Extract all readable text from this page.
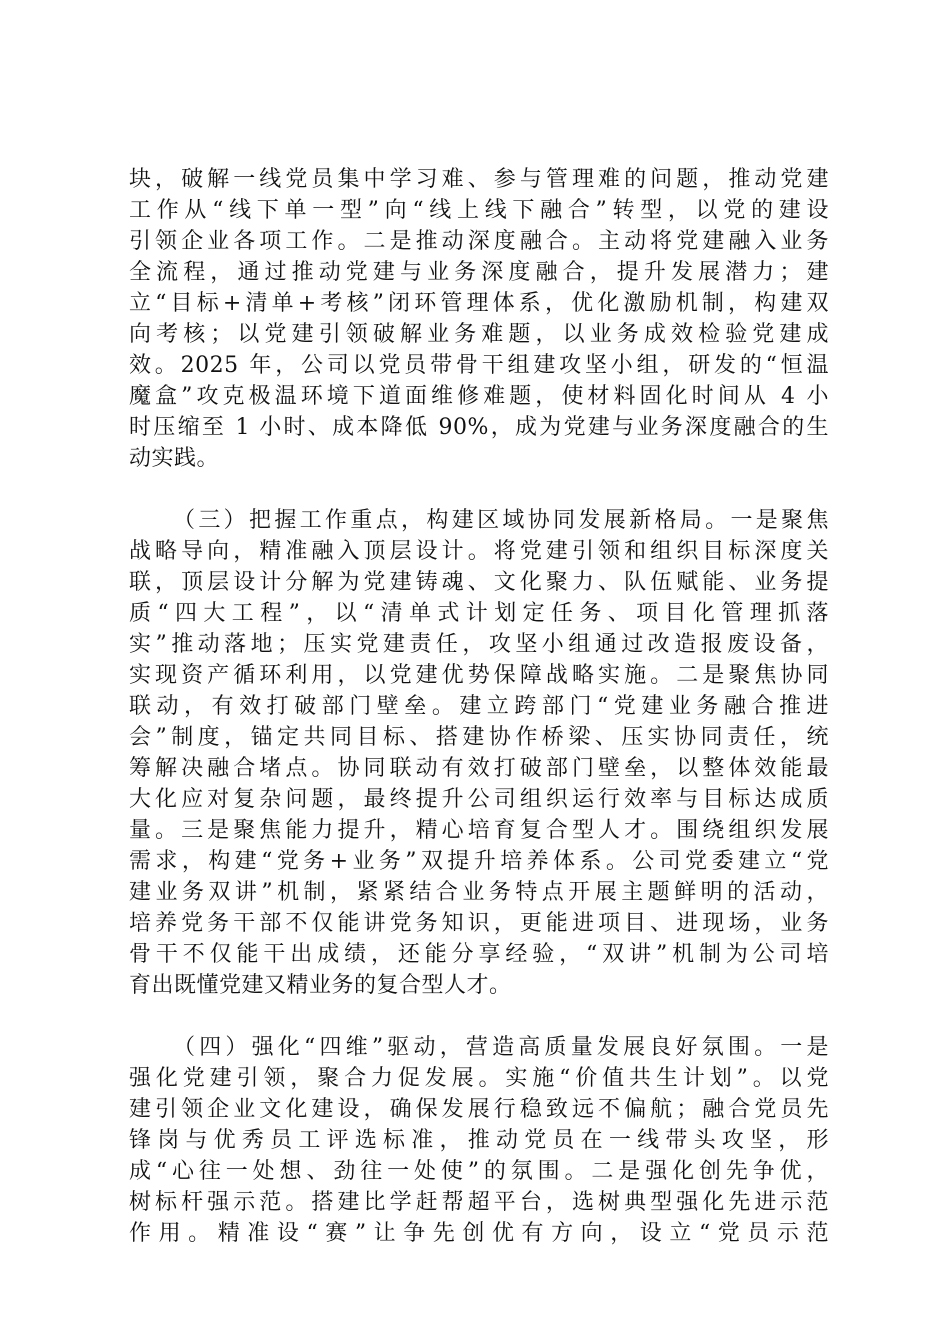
块，破解一线党员集中学习难、参与管理难的问题，推动党建
工作从“线下单一型”向“线上线下融合”转型，以党的建设
引领企业各项工作。二是推动深度融合。主动将党建融入业务
全流程，通过推动党建与业务深度融合，提升发展潜力；建
立“目标+清单+考核”闭环管理体系，优化激励机制，构建双
向考核；以党建引领破解业务难题，以业务成效检验党建成
效。2025 年，公司以党员带骨干组建攻坚小组，研发的“恒温
魔盒”攻克极温环境下道面维修难题，使材料固化时间从 4 小
时压缩至 1 小时、成本降低 90%，成为党建与业务深度融合的生
动实践。
（三）把握工作重点，构建区域协同发展新格局。一是聚焦
战略导向，精准融入顶层设计。将党建引领和组织目标深度关
联，顶层设计分解为党建铸魂、文化聚力、队伍赋能、业务提
质“四大工程”，以“清单式计划定任务、项目化管理抓落
实”推动落地；压实党建责任，攻坚小组通过改造报废设备，
实现资产循环利用，以党建优势保障战略实施。二是聚焦协同
联动，有效打破部门壁垒。建立跨部门“党建业务融合推进
会”制度，锚定共同目标、搭建协作桥梁、压实协同责任，统
筹解决融合堵点。协同联动有效打破部门壁垒，以整体效能最
大化应对复杂问题，最终提升公司组织运行效率与目标达成质
量。三是聚焦能力提升，精心培育复合型人才。围绕组织发展
需求，构建“党务+业务”双提升培养体系。公司党委建立“党
建业务双讲”机制，紧紧结合业务特点开展主题鲜明的活动，
培养党务干部不仅能讲党务知识，更能进项目、进现场，业务
骨干不仅能干出成绩，还能分享经验，“双讲”机制为公司培
育出既懂党建又精业务的复合型人才。
（四）强化“四维”驱动，营造高质量发展良好氛围。一是
强化党建引领，聚合力促发展。实施“价值共生计划”。以党
建引领企业文化建设，确保发展行稳致远不偏航；融合党员先
锋岗与优秀员工评选标准，推动党员在一线带头攻坚，形
成“心往一处想、劲往一处使”的氛围。二是强化创先争优，
树标杆强示范。搭建比学赶帮超平台，选树典型强化先进示范
作用。精准设“赛”让争先创优有方向，设立“党员示范
